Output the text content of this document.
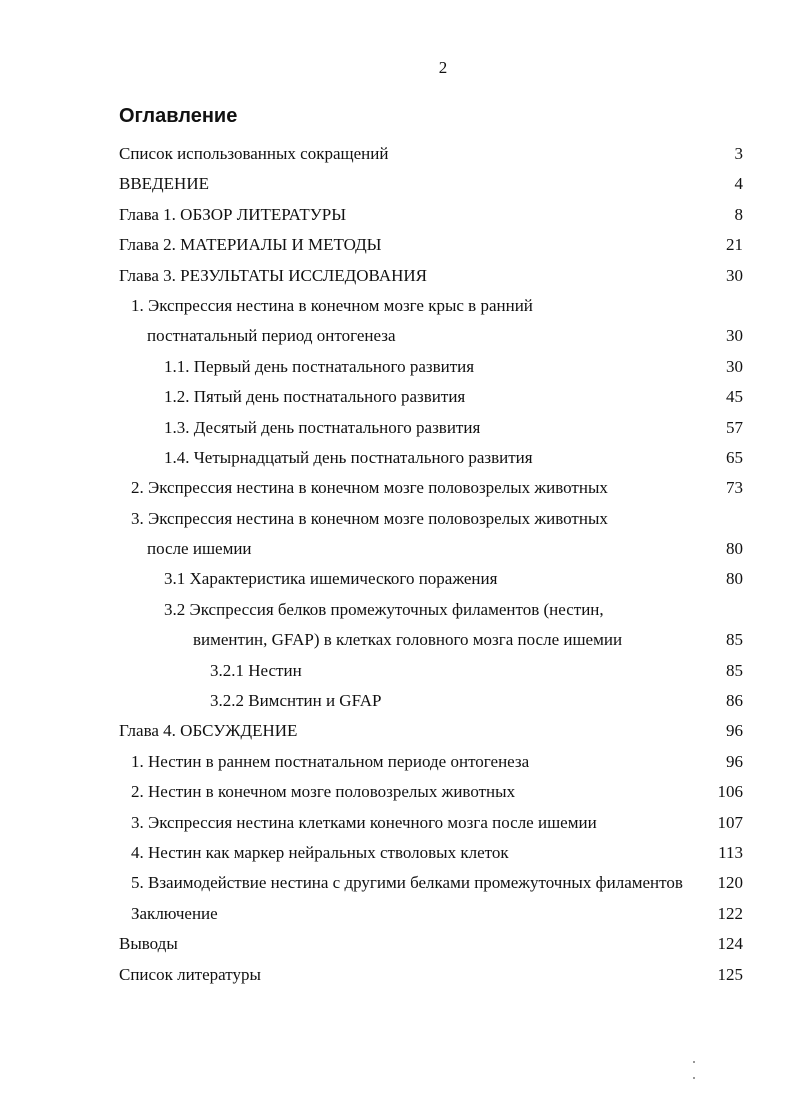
2
Оглавление
Список использованных сокращений	3
ВВЕДЕНИЕ	4
Глава 1. ОБЗОР ЛИТЕРАТУРЫ	8
Глава 2. МАТЕРИАЛЫ И МЕТОДЫ	21
Глава 3. РЕЗУЛЬТАТЫ ИССЛЕДОВАНИЯ	30
1. Экспрессия нестина в конечном мозге крыс в ранний
постнатальный период онтогенеза	30
1.1. Первый день постнатального развития	30
1.2. Пятый день постнатального развития	45
1.3. Десятый день постнатального развития	57
1.4. Четырнадцатый день постнатального развития	65
2. Экспрессия нестина в конечном мозге половозрелых животных	73
3. Экспрессия нестина в конечном мозге половозрелых животных
после ишемии	80
3.1 Характеристика ишемического поражения	80
3.2 Экспрессия белков промежуточных филаментов (нестин,
виментин, GFAP) в клетках головного мозга после ишемии	85
3.2.1 Нестин	85
3.2.2 Вимснтин и GFAP	86
Глава 4. ОБСУЖДЕНИЕ	96
1. Нестин в раннем постнатальном периоде онтогенеза	96
2. Нестин в конечном мозге половозрелых животных	106
3. Экспрессия нестина клетками конечного мозга после ишемии	107
4. Нестин как маркер нейральных стволовых клеток	113
5. Взаимодействие нестина с другими белками промежуточных филаментов 120
Заключение	122
Выводы	124
Список литературы	125
